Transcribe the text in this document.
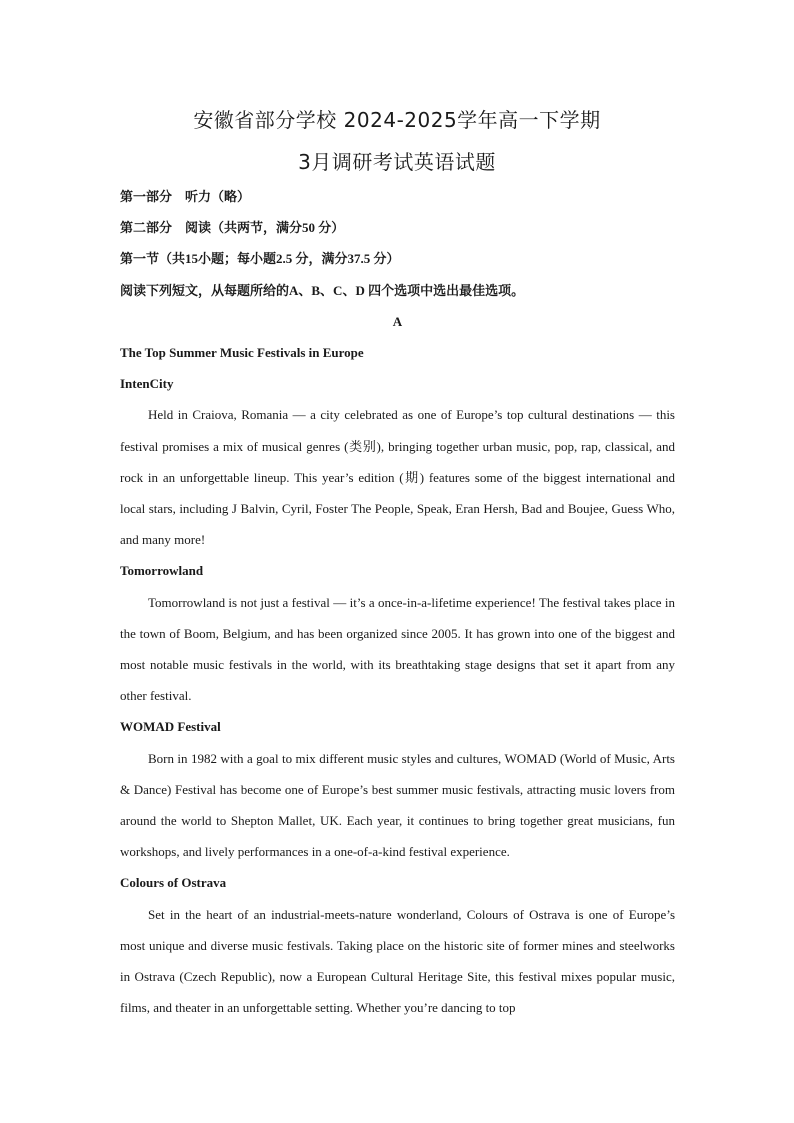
安徽省部分学校 2024-2025学年高一下学期
3月调研考试英语试题
第一部分　听力（略）
第二部分　阅读（共两节，满分50 分）
第一节（共15小题；每小题2.5 分，满分37.5 分）
阅读下列短文，从每题所给的A、B、C、D 四个选项中选出最佳选项。
A
The Top Summer Music Festivals in Europe
IntenCity

Held in Craiova, Romania — a city celebrated as one of Europe’s top cultural destinations — this festival promises a mix of musical genres (类别), bringing together urban music, pop, rap, classical, and rock in an unforgettable lineup. This year’s edition (期) features some of the biggest international and local stars, including J Balvin, Cyril, Foster The People, Speak, Eran Hersh, Bad and Boujee, Guess Who, and many more!

Tomorrowland

Tomorrowland is not just a festival — it’s a once-in-a-lifetime experience! The festival takes place in the town of Boom, Belgium, and has been organized since 2005. It has grown into one of the biggest and most notable music festivals in the world, with its breathtaking stage designs that set it apart from any other festival.

WOMAD Festival

Born in 1982 with a goal to mix different music styles and cultures, WOMAD (World of Music, Arts & Dance) Festival has become one of Europe’s best summer music festivals, attracting music lovers from around the world to Shepton Mallet, UK. Each year, it continues to bring together great musicians, fun workshops, and lively performances in a one-of-a-kind festival experience.

Colours of Ostrava

Set in the heart of an industrial-meets-nature wonderland, Colours of Ostrava is one of Europe’s most unique and diverse music festivals. Taking place on the historic site of former mines and steelworks in Ostrava (Czech Republic), now a European Cultural Heritage Site, this festival mixes popular music, films, and theater in an unforgettable setting. Whether you’re dancing to top
